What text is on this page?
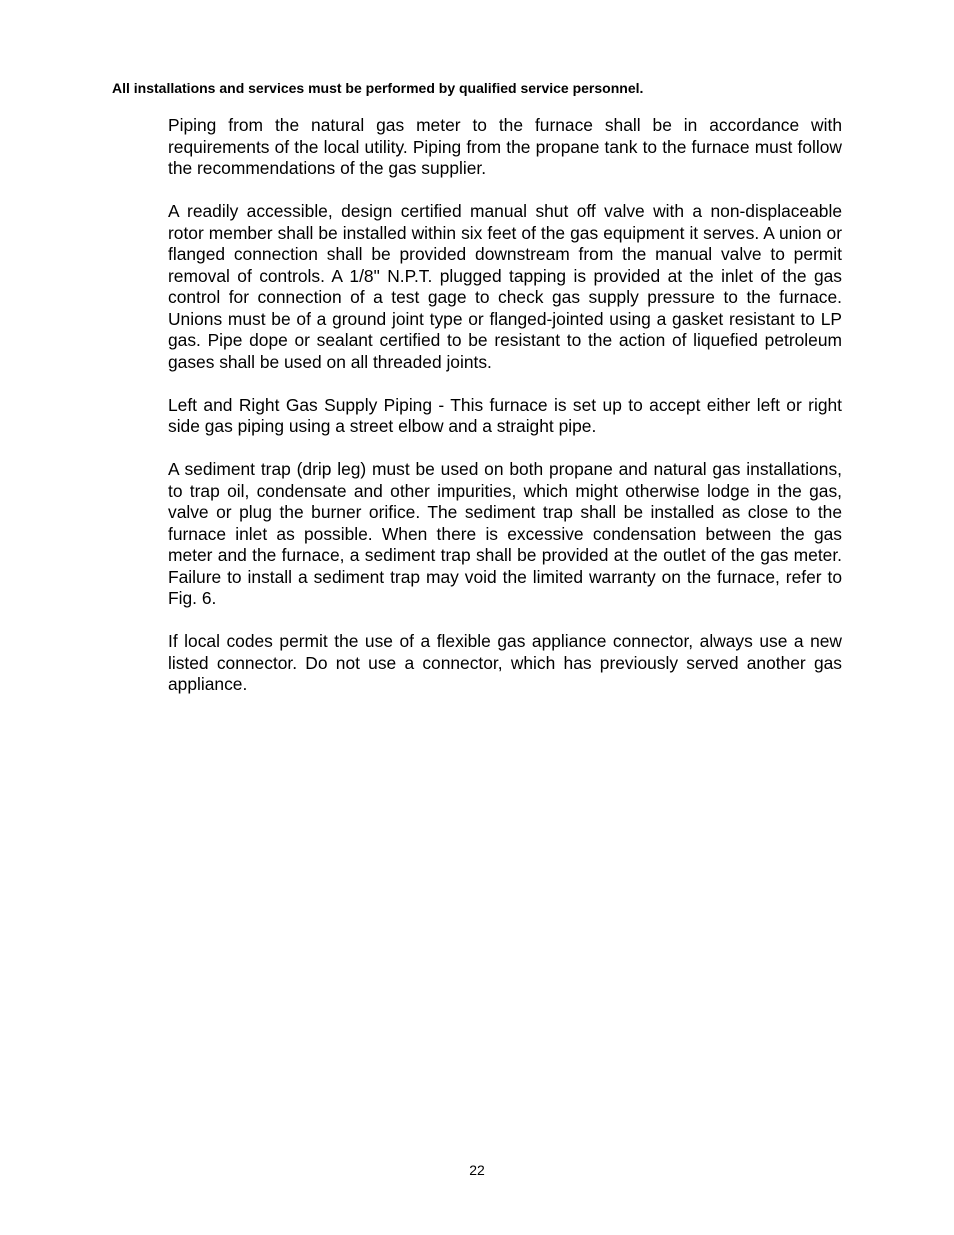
All installations and services must be performed by qualified service personnel.

Piping from the natural gas meter to the furnace shall be in accordance with requirements of the local utility. Piping from the propane tank to the furnace must follow the recommendations of the gas supplier.

A readily accessible, design certified manual shut off valve with a non-displaceable rotor member shall be installed within six feet of the gas equipment it serves. A union or flanged connection shall be provided downstream from the manual valve to permit removal of controls. A 1/8" N.P.T. plugged tapping is provided at the inlet of the gas control for connection of a test gage to check gas supply pressure to the furnace. Unions must be of a ground joint type or flanged-jointed using a gasket resistant to LP gas. Pipe dope or sealant certified to be resistant to the action of liquefied petroleum gases shall be used on all threaded joints.

Left and Right Gas Supply Piping - This furnace is set up to accept either left or right side gas piping using a street elbow and a straight pipe.

A sediment trap (drip leg) must be used on both propane and natural gas installations, to trap oil, condensate and other impurities, which might otherwise lodge in the gas, valve or plug the burner orifice. The sediment trap shall be installed as close to the furnace inlet as possible. When there is excessive condensation between the gas meter and the furnace, a sediment trap shall be provided at the outlet of the gas meter. Failure to install a sediment trap may void the limited warranty on the furnace, refer to Fig. 6.

If local codes permit the use of a flexible gas appliance connector, always use a new listed connector. Do not use a connector, which has previously served another gas appliance.

22
